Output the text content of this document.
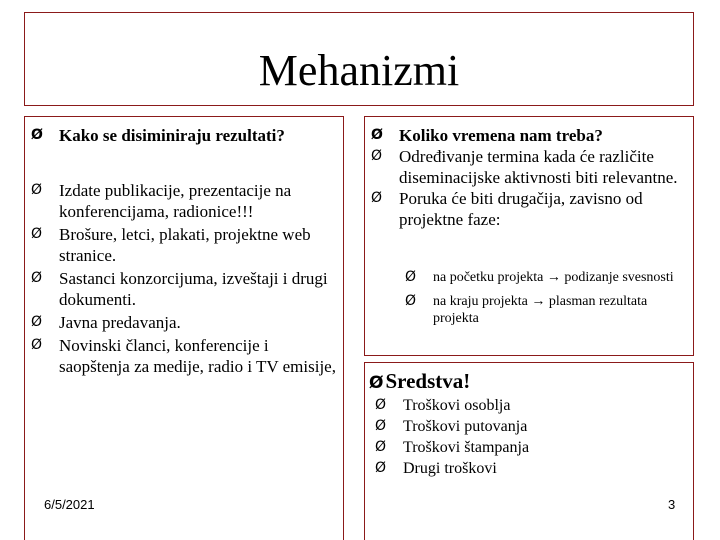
Mehanizmi
Ø Kako se disiminiraju rezultati?
Ø Izdate publikacije, prezentacije na konferencijama, radionice!!!
Ø Brošure, letci, plakati, projektne web stranice.
Ø Sastanci konzorcijuma, izveštaji i drugi dokumenti.
Ø Javna predavanja.
Ø Novinski članci, konferencije i saopštenja za medije, radio i TV emisije,
Ø Koliko vremena nam treba?
Ø Određivanje termina kada će različite diseminacijske aktivnosti biti relevantne.
Ø Poruka će biti drugačija, zavisno od projektne faze:
Ø na početku projekta → podizanje svesnosti
Ø na kraju projekta → plasman rezultata projekta
ØSredstva!
Ø Troškovi osoblja
Ø Troškovi putovanja
Ø Troškovi štampanja
Ø Drugi troškovi
6/5/2021	3
